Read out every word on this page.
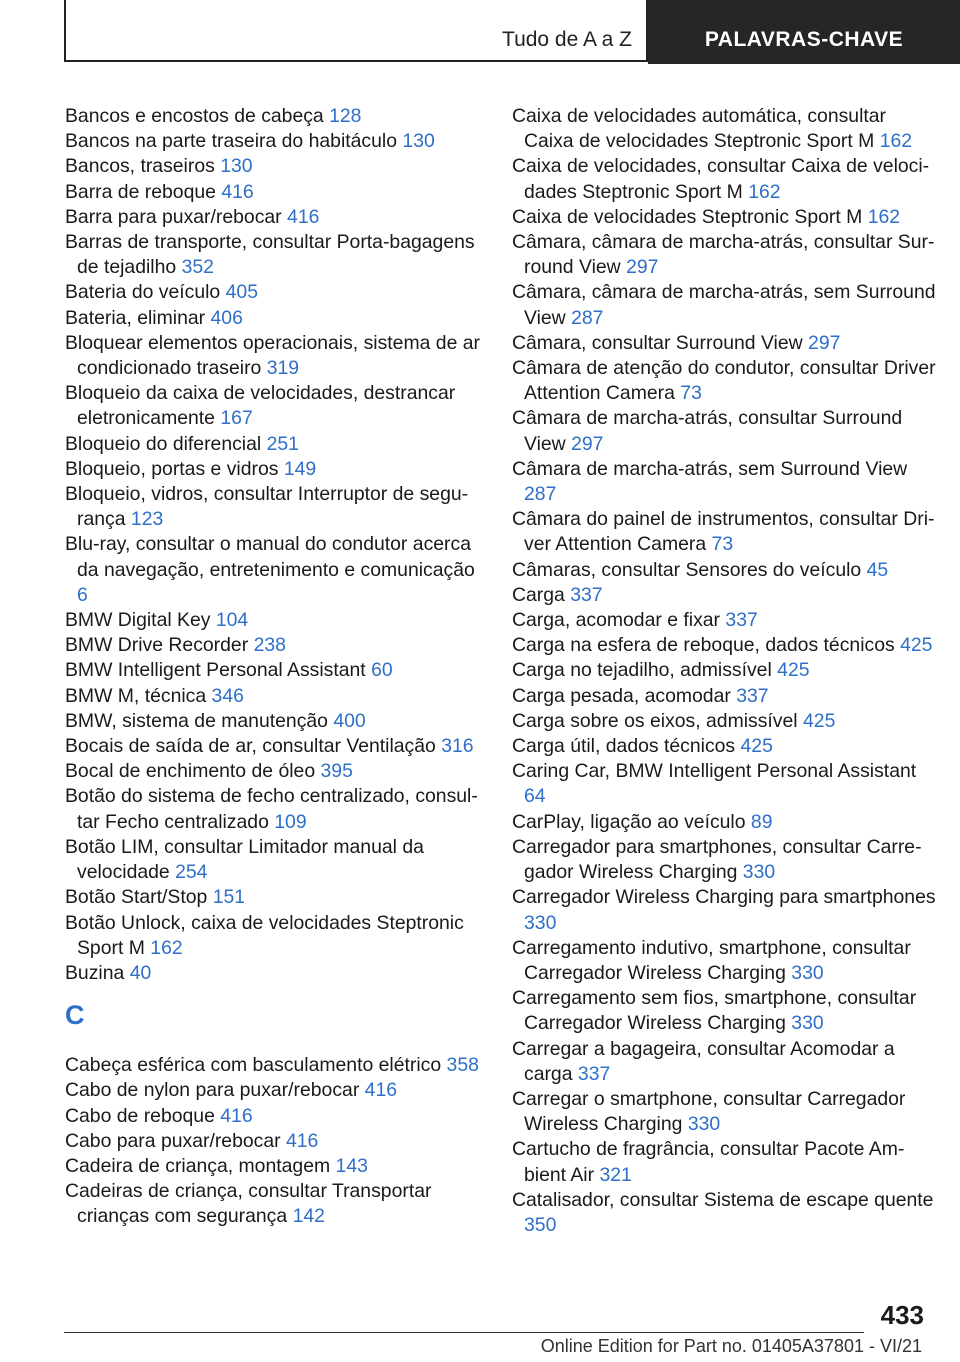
Tudo de A a Z	PALAVRAS-CHAVE
Bancos e encostos de cabeça 128
Bancos na parte traseira do habitáculo 130
Bancos, traseiros 130
Barra de reboque 416
Barra para puxar/rebocar 416
Barras de transporte, consultar Porta-bagagens de tejadilho 352
Bateria do veículo 405
Bateria, eliminar 406
Bloquear elementos operacionais, sistema de ar condicionado traseiro 319
Bloqueio da caixa de velocidades, destrancar eletronicamente 167
Bloqueio do diferencial 251
Bloqueio, portas e vidros 149
Bloqueio, vidros, consultar Interruptor de segurança 123
Blu-ray, consultar o manual do condutor acerca da navegação, entretenimento e comunicação 6
BMW Digital Key 104
BMW Drive Recorder 238
BMW Intelligent Personal Assistant 60
BMW M, técnica 346
BMW, sistema de manutenção 400
Bocais de saída de ar, consultar Ventilação 316
Bocal de enchimento de óleo 395
Botão do sistema de fecho centralizado, consultar Fecho centralizado 109
Botão LIM, consultar Limitador manual da velocidade 254
Botão Start/Stop 151
Botão Unlock, caixa de velocidades Steptronic Sport M 162
Buzina 40
C
Cabeça esférica com basculamento elétrico 358
Cabo de nylon para puxar/rebocar 416
Cabo de reboque 416
Cabo para puxar/rebocar 416
Cadeira de criança, montagem 143
Cadeiras de criança, consultar Transportar crianças com segurança 142
Caixa de velocidades automática, consultar Caixa de velocidades Steptronic Sport M 162
Caixa de velocidades, consultar Caixa de velocidades Steptronic Sport M 162
Caixa de velocidades Steptronic Sport M 162
Câmara, câmara de marcha-atrás, consultar Surround View 297
Câmara, câmara de marcha-atrás, sem Surround View 287
Câmara, consultar Surround View 297
Câmara de atenção do condutor, consultar Driver Attention Camera 73
Câmara de marcha-atrás, consultar Surround View 297
Câmara de marcha-atrás, sem Surround View 287
Câmara do painel de instrumentos, consultar Driver Attention Camera 73
Câmaras, consultar Sensores do veículo 45
Carga 337
Carga, acomodar e fixar 337
Carga na esfera de reboque, dados técnicos 425
Carga no tejadilho, admissível 425
Carga pesada, acomodar 337
Carga sobre os eixos, admissível 425
Carga útil, dados técnicos 425
Caring Car, BMW Intelligent Personal Assistant 64
CarPlay, ligação ao veículo 89
Carregador para smartphones, consultar Carregador Wireless Charging 330
Carregador Wireless Charging para smartphones 330
Carregamento indutivo, smartphone, consultar Carregador Wireless Charging 330
Carregamento sem fios, smartphone, consultar Carregador Wireless Charging 330
Carregar a bagageira, consultar Acomodar a carga 337
Carregar o smartphone, consultar Carregador Wireless Charging 330
Cartucho de fragrância, consultar Pacote Ambient Air 321
Catalisador, consultar Sistema de escape quente 350
433
Online Edition for Part no. 01405A37801 - VI/21
